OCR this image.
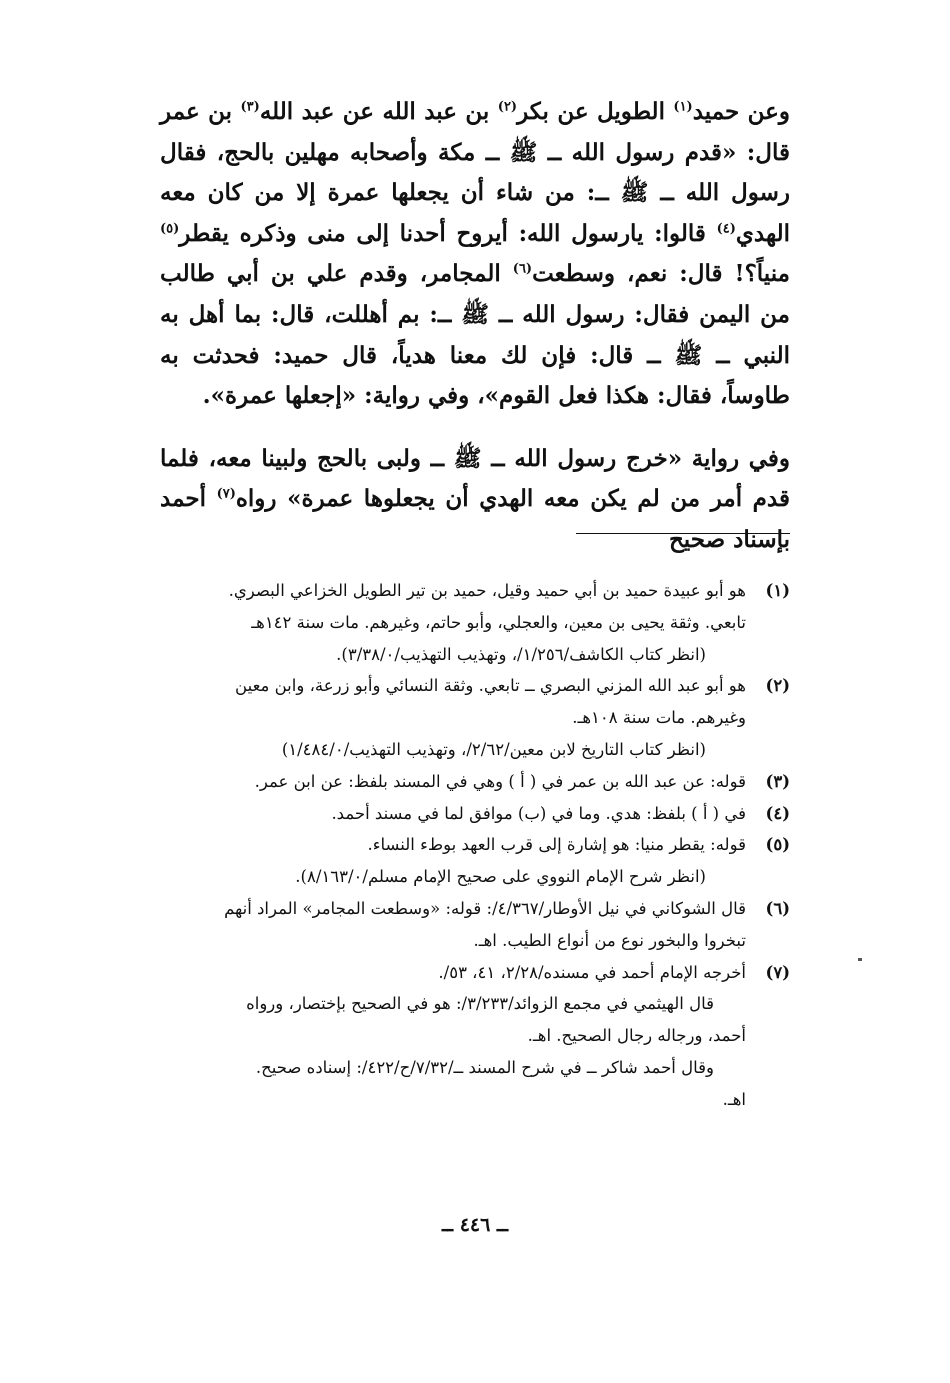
وعن حميد$^{(١)}$ الطويل عن بكر$^{(٢)}$ بن عبد الله عن عبد الله$^{(٣)}$ بن عمر قال: «قدم رسول الله ــ ﷺ ــ مكة وأصحابه مهلين بالحج، فقال رسول الله ــ ﷺ ــ: من شاء أن يجعلها عمرة إلا من كان معه الهدي$^{(٤)}$ قالوا: يارسول الله: أيروح أحدنا إلى منى وذكره يقطر$^{(٥)}$ منياً؟! قال: نعم، وسطعت$^{(٦)}$ المجامر، وقدم علي بن أبي طالب من اليمن فقال: رسول الله ــ ﷺ ــ: بم أهللت، قال: بما أهل به النبي ــ ﷺ ــ قال: فإن لك معنا هدياً، قال حميد: فحدثت به طاوساً، فقال: هكذا فعل القوم»، وفي رواية: «إجعلها عمرة».

وفي رواية «خرج رسول الله ــ ﷺ ــ ولبى بالحج ولبينا معه، فلما قدم أمر من لم يكن معه الهدي أن يجعلوها عمرة» رواه$^{(٧)}$ أحمد بإسناد صحيح

(١)
هو أبو عبيدة حميد بن أبي حميد وقيل، حميد بن تير الطويل الخزاعي البصري.
تابعي. وثقة يحيى بن معين، والعجلي، وأبو حاتم، وغيرهم. مات سنة ١٤٢هـ
(انظر كتاب الكاشف/١/٢٥٦/، وتهذيب التهذيب/٣/٣٨/٠).
(٢)
هو أبو عبد الله المزني البصري ــ تابعي. وثقة النسائي وأبو زرعة، وابن معين
وغيرهم. مات سنة ١٠٨هـ.
(انظر كتاب التاريخ لابن معين/٢/٦٢/، وتهذيب التهذيب/١/٤٨٤/٠)
(٣)
قوله: عن عبد الله بن عمر في ( أ ) وهي في المسند بلفظ: عن ابن عمر.
(٤)
في ( أ ) بلفظ: هدي. وما في (ب) موافق لما في مسند أحمد.
(٥)
قوله: يقطر منيا: هو إشارة إلى قرب العهد بوطء النساء.
(انظر شرح الإمام النووي على صحيح الإمام مسلم/٨/١٦٣/٠).
(٦)
قال الشوكاني في نيل الأوطار/٤/٣٦٧/: قوله: «وسطعت المجامر» المراد أنهم
تبخروا والبخور نوع من أنواع الطيب. اهـ.
(٧)
أخرجه الإمام أحمد في مسنده/٢/٢٨، ٤١، ٥٣/.
قال الهيثمي في مجمع الزوائد/٣/٢٣٣/: هو في الصحيح بإختصار، ورواه
أحمد، ورجاله رجال الصحيح. اهـ.
وقال أحمد شاكر ــ في شرح المسند ــ/٧/٣٢/ح/٤٢٢/: إسناده صحيح.
اهـ.
ــ ٤٤٦ ــ
